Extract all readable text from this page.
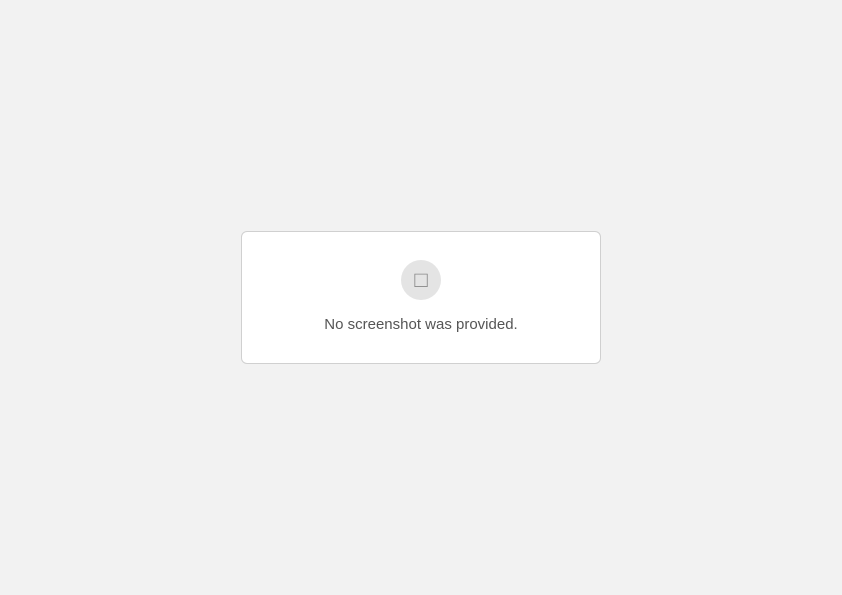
□

No screenshot was provided.
